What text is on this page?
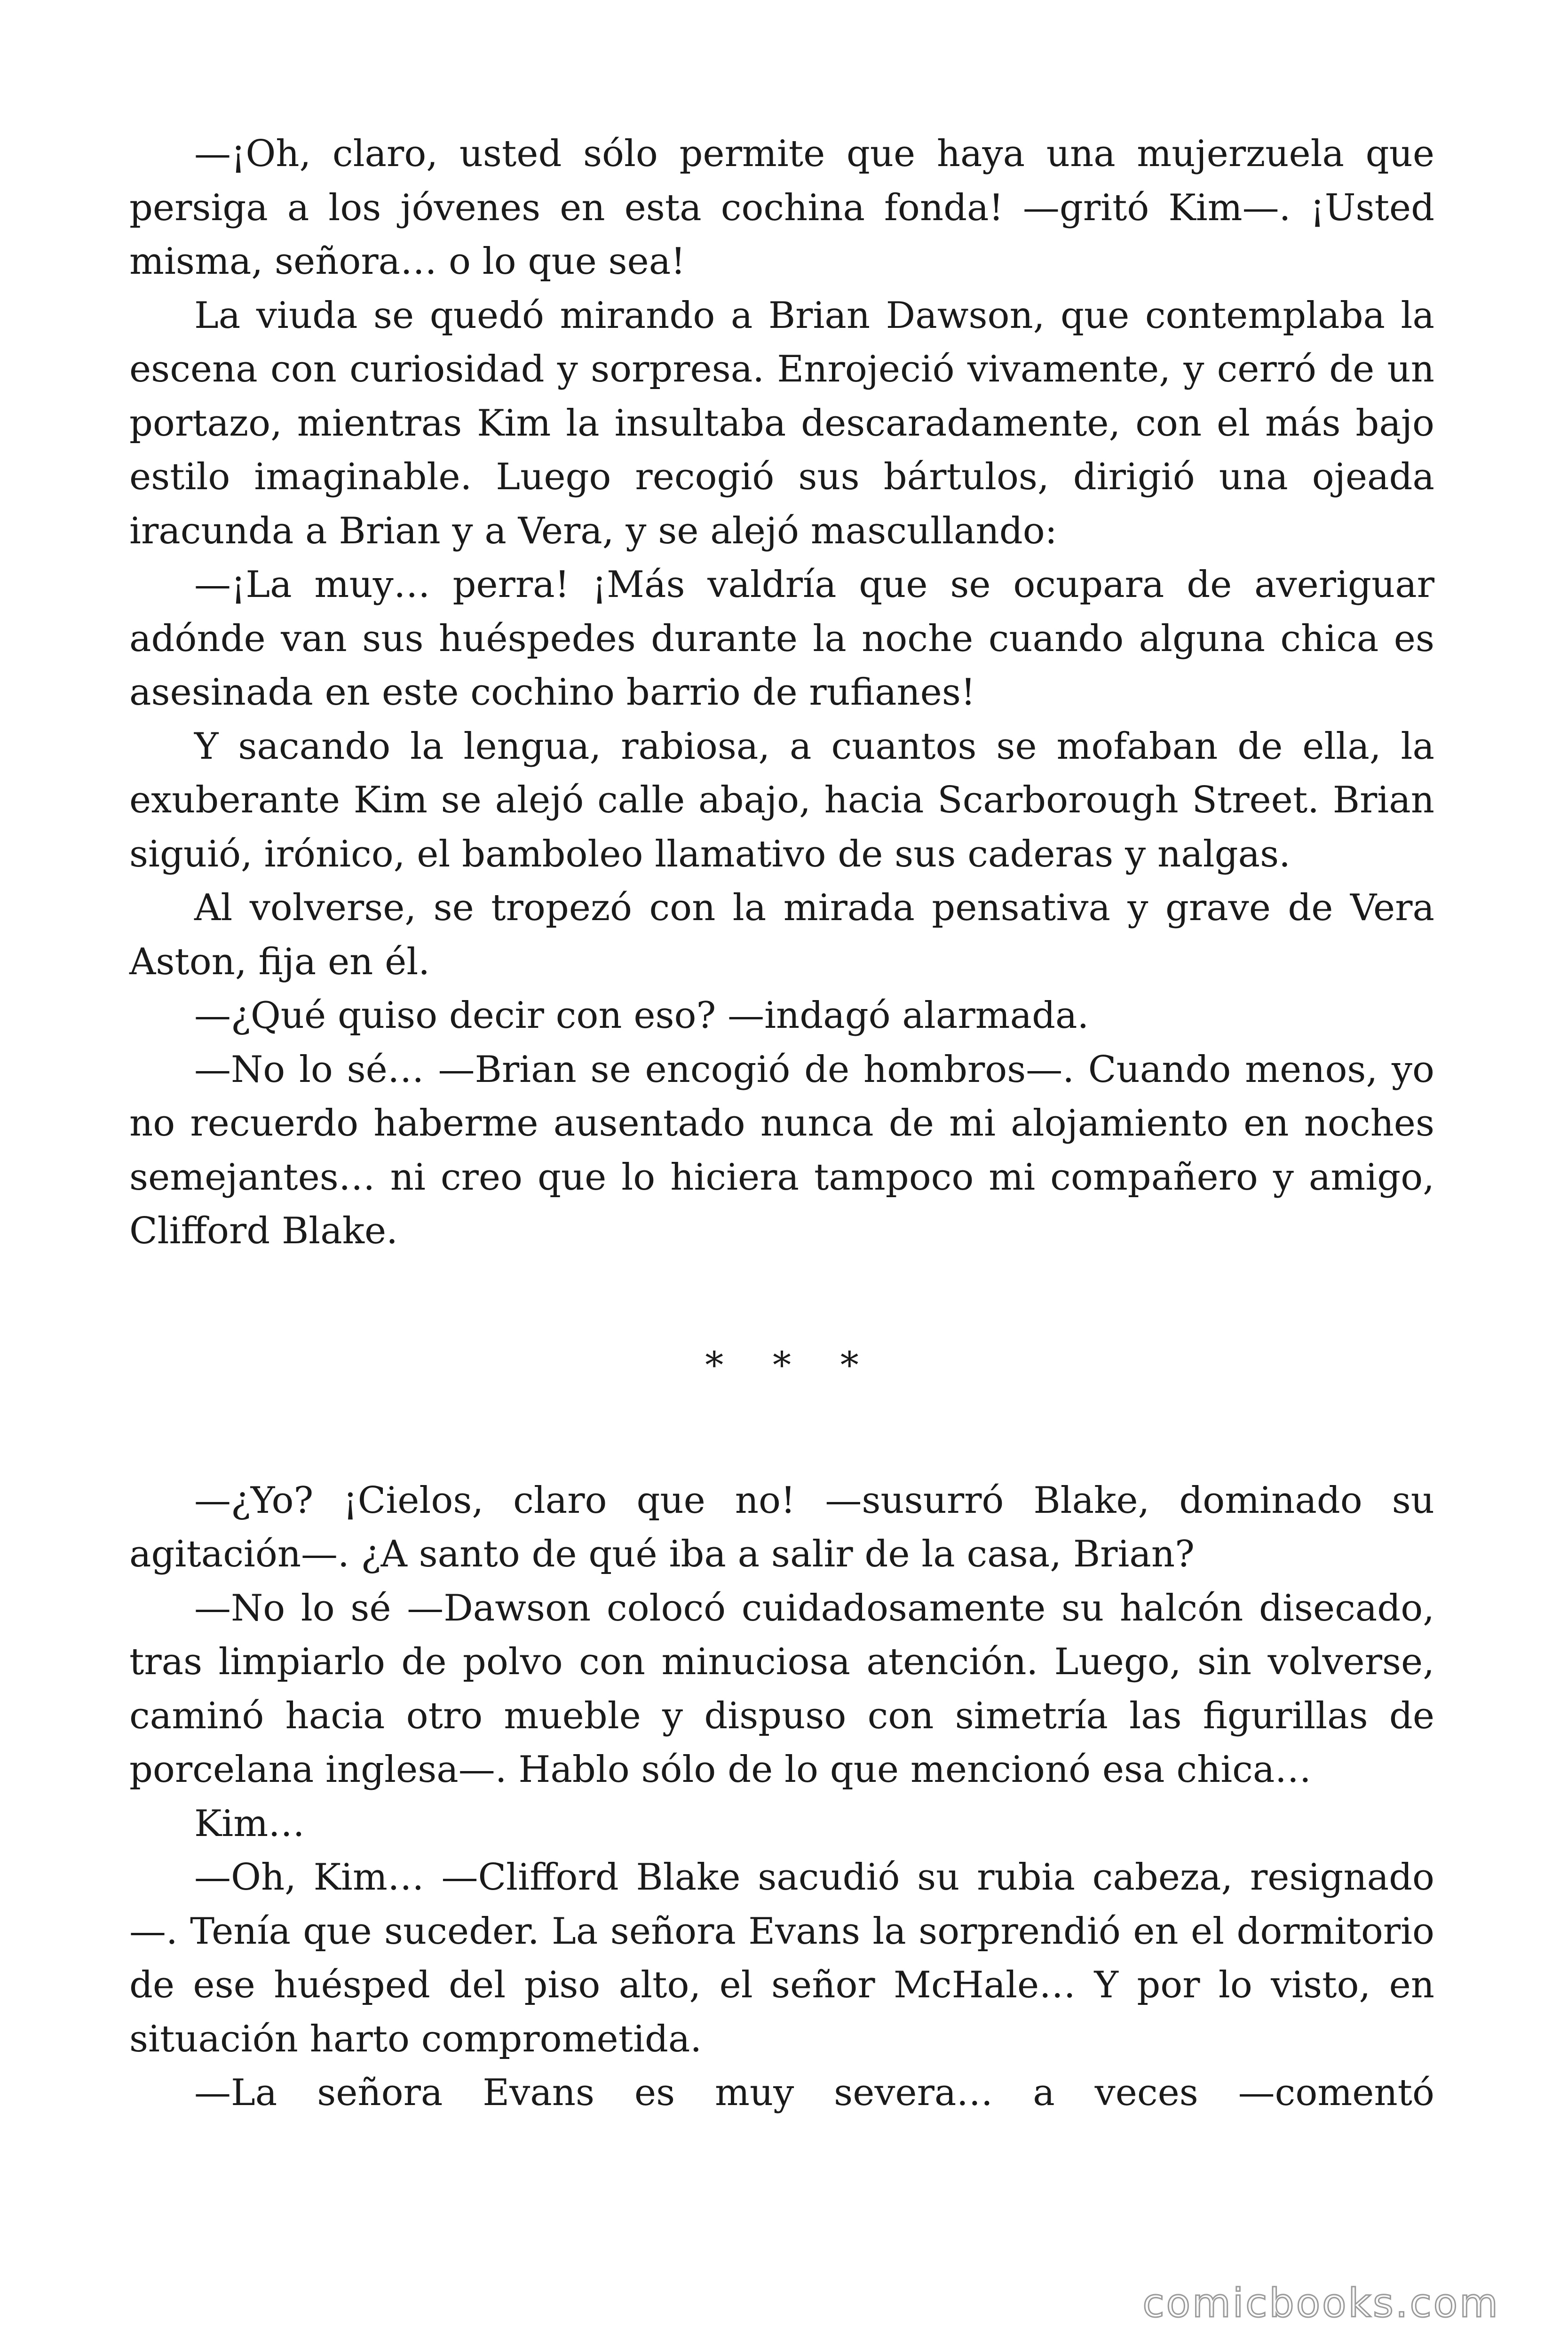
—¡Oh, claro, usted sólo permite que haya una mujerzuela que persiga a los jóvenes en esta cochina fonda! —gritó Kim—. ¡Usted misma, señora… o lo que sea!

La viuda se quedó mirando a Brian Dawson, que contemplaba la escena con curiosidad y sorpresa. Enrojeció vivamente, y cerró de un portazo, mientras Kim la insultaba descaradamente, con el más bajo estilo imaginable. Luego recogió sus bártulos, dirigió una ojeada iracunda a Brian y a Vera, y se alejó mascullando:

—¡La muy… perra! ¡Más valdría que se ocupara de averiguar adónde van sus huéspedes durante la noche cuando alguna chica es asesinada en este cochino barrio de rufianes!

Y sacando la lengua, rabiosa, a cuantos se mofaban de ella, la exuberante Kim se alejó calle abajo, hacia Scarborough Street. Brian siguió, irónico, el bamboleo llamativo de sus caderas y nalgas.

Al volverse, se tropezó con la mirada pensativa y grave de Vera Aston, fija en él.

—¿Qué quiso decir con eso? —indagó alarmada.

—No lo sé… —Brian se encogió de hombros—. Cuando menos, yo no recuerdo haberme ausentado nunca de mi alojamiento en noches semejantes… ni creo que lo hiciera tampoco mi compañero y amigo, Clifford Blake.

* * *

—¿Yo? ¡Cielos, claro que no! —susurró Blake, dominado su agitación—. ¿A santo de qué iba a salir de la casa, Brian?

—No lo sé —Dawson colocó cuidadosamente su halcón disecado, tras limpiarlo de polvo con minuciosa atención. Luego, sin volverse, caminó hacia otro mueble y dispuso con simetría las figurillas de porcelana inglesa—. Hablo sólo de lo que mencionó esa chica…

Kim…

—Oh, Kim… —Clifford Blake sacudió su rubia cabeza, resignado —. Tenía que suceder. La señora Evans la sorprendió en el dormitorio de ese huésped del piso alto, el señor McHale… Y por lo visto, en situación harto comprometida.

—La señora Evans es muy severa… a veces —comentó

comicbooks.com
